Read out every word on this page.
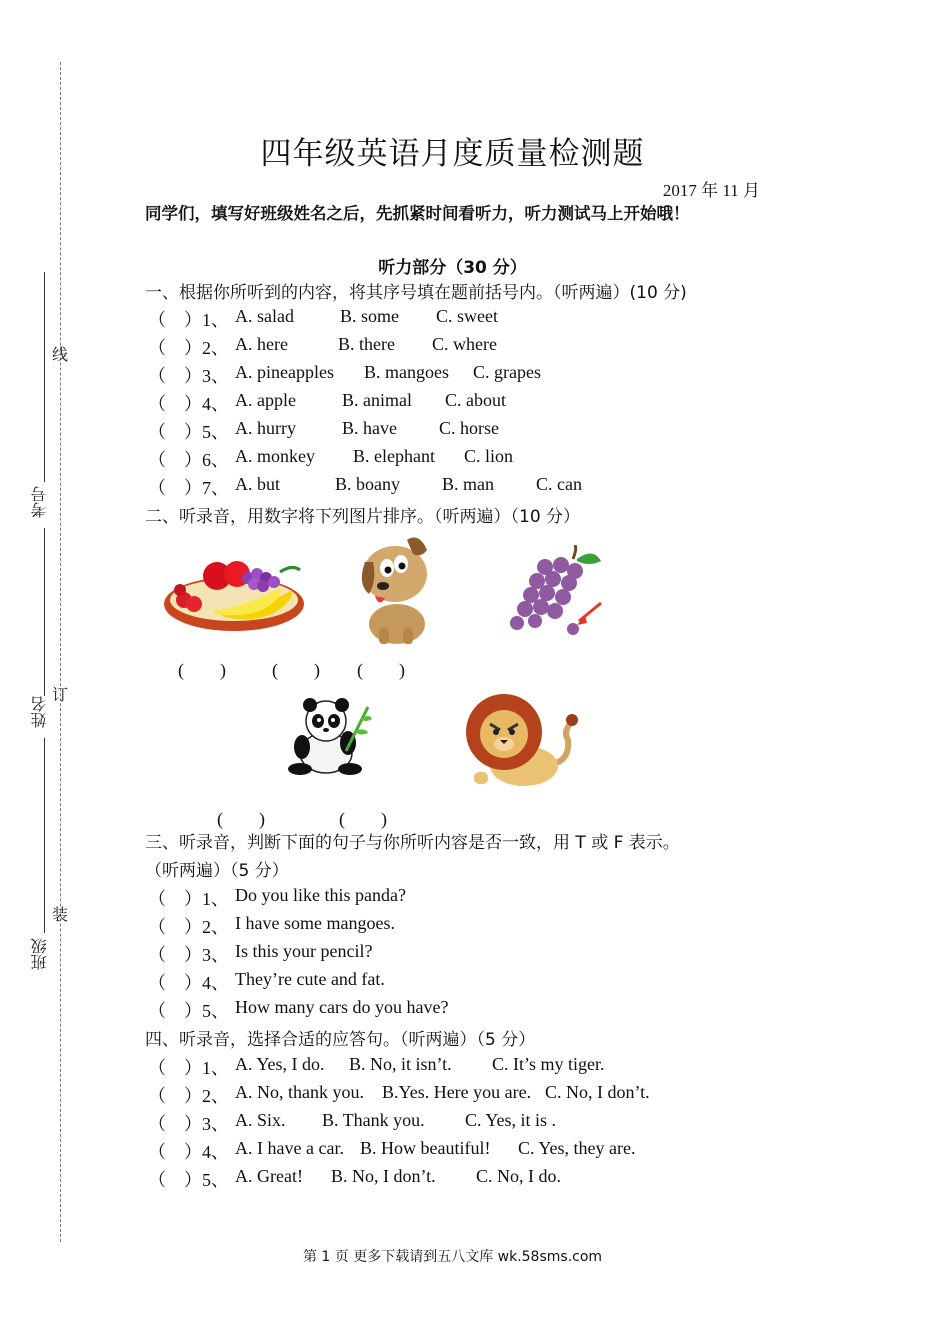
线
订
装
考号
姓名
班级
四年级英语月度质量检测题
2017 年 11 月
同学们，填写好班级姓名之后，先抓紧时间看听力，听力测试马上开始哦！
听力部分（30 分）
一、根据你所听到的内容，将其序号填在题前括号内。（听两遍）(10 分)
（　）1、 A. salad	B. some C. sweet
（　）2、 A. here	B. there C. where
（　）3、 A. pineapples B. mangoes C. grapes
（　）4、 A. apple	B. animal C. about
（　）5、 A. hurry	B. have C. horse
（　）6、 A. monkey B. elephant C. lion
（　）7、 A. but	B. boany B. man C. can
二、听录音，用数字将下列图片排序。（听两遍）（10 分）
(　　)	(　　) (　　)
(　　)	(　　)
三、听录音，判断下面的句子与你所听内容是否一致，用 T 或 F 表示。
（听两遍）（5 分）
（　）1、 Do you like this panda?
（　）2、 I have some mangoes.
（　）3、 Is this your pencil?
（　）4、 They’re cute and fat.
（　）5、 How many cars do you have?
四、听录音，选择合适的应答句。（听两遍）（5 分）
（　）1、 A. Yes, I do. B. No, it isn’t. C. It’s my tiger.
（　）2、 A. No, thank you. B.Yes. Here you are. C. No, I don’t.
（　）3、 A. Six. B. Thank you. C. Yes, it is .
（　）4、 A. I have a car. B. How beautiful! C. Yes, they are.
（　）5、 A. Great! B. No, I don’t. C. No, I do.
第 1 页 更多下载请到五八文库 wk.58sms.com
